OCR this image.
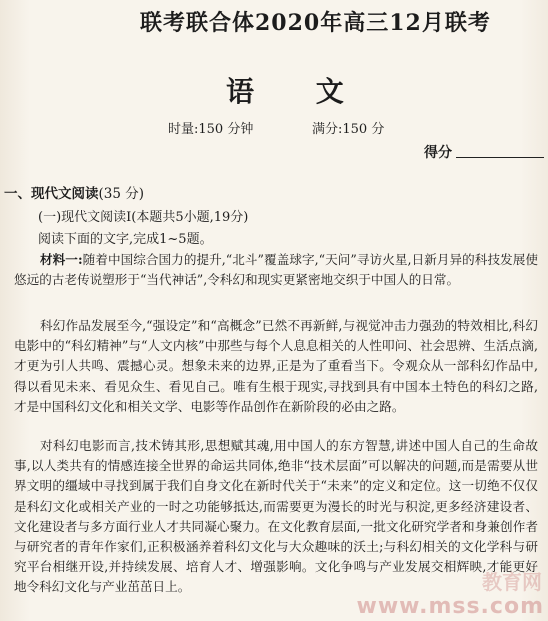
联考联合体2020年高三12月联考
语 文
时量:150 分钟	满分:150 分
得分
一、现代文阅读(35 分)
(一)现代文阅读Ⅰ(本题共5小题,19分)
阅读下面的文字,完成1~5题。
材料一:随着中国综合国力的提升,“北斗”覆盖球字,“天问”寻访火星,日新月异的科技发展使悠远的古老传说塑形于“当代神话”,令科幻和现实更紧密地交织于中国人的日常。
科幻作品发展至今,“强设定”和“高概念”已然不再新鲜,与视觉冲击力强劲的特效相比,科幻电影中的“科幻精神”与“人文内核”中那些与每个人息息相关的人性叩问、社会思辨、生活点滴,才更为引人共鸣、震撼心灵。想象未来的边界,正是为了重看当下。令观众从一部科幻作品中,得以看见未来、看见众生、看见自己。唯有生根于现实,寻找到具有中国本土特色的科幻之路,才是中国科幻文化和相关文学、电影等作品创作在新阶段的必由之路。
对科幻电影而言,技术铸其形,思想赋其魂,用中国人的东方智慧,讲述中国人自己的生命故事,以人类共有的情感连接全世界的命运共同体,绝非“技术层面”可以解决的问题,而是需要从世界文明的缰域中寻找到属于我们自身文化在新时代关于“未来”的定义和定位。这一切绝不仅仅是科幻文化或相关产业的一时之功能够抵达,而需要更为漫长的时光与积淀,更多经济建设者、文化建设者与多方面行业人才共同凝心聚力。在文化教育层面,一批文化研究学者和身兼创作者与研究者的青年作家们,正积极涵养着科幻文化与大众趣味的沃土;与科幻相关的文化学科与研究平台相继开设,并持续发展、培育人才、增强影响。文化争鸣与产业发展交相辉映,才能更好地令科幻文化与产业茁茁日上。	教育网
www.mss.com
